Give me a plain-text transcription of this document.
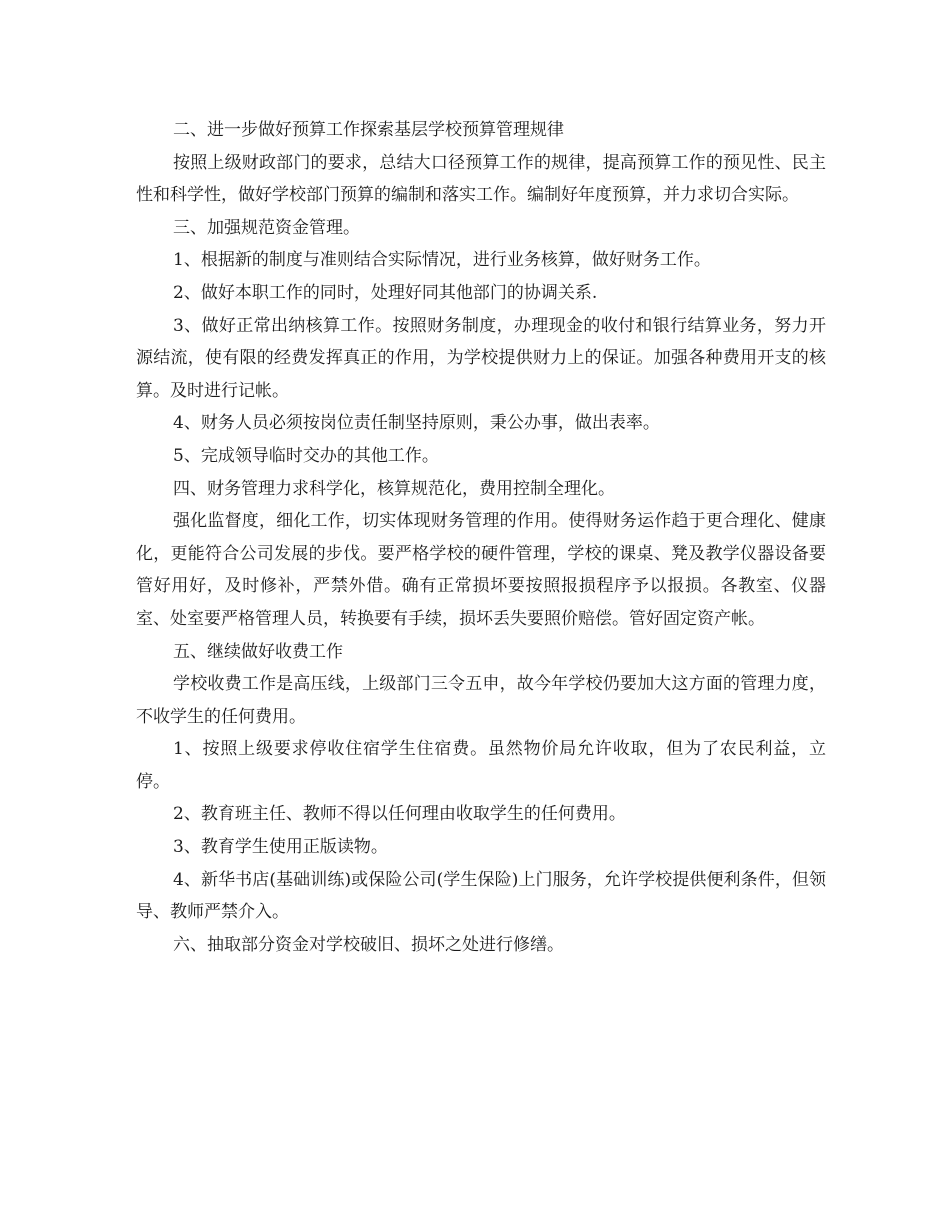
二、进一步做好预算工作探索基层学校预算管理规律

按照上级财政部门的要求，总结大口径预算工作的规律，提高预算工作的预见性、民主性和科学性，做好学校部门预算的编制和落实工作。编制好年度预算，并力求切合实际。

三、加强规范资金管理。

1、根据新的制度与准则结合实际情况，进行业务核算，做好财务工作。

2、做好本职工作的同时，处理好同其他部门的协调关系.

3、做好正常出纳核算工作。按照财务制度，办理现金的收付和银行结算业务，努力开源结流，使有限的经费发挥真正的作用，为学校提供财力上的保证。加强各种费用开支的核算。及时进行记帐。

4、财务人员必须按岗位责任制坚持原则，秉公办事，做出表率。

5、完成领导临时交办的其他工作。

四、财务管理力求科学化，核算规范化，费用控制全理化。

强化监督度，细化工作，切实体现财务管理的作用。使得财务运作趋于更合理化、健康化，更能符合公司发展的步伐。要严格学校的硬件管理，学校的课桌、凳及教学仪器设备要管好用好，及时修补，严禁外借。确有正常损坏要按照报损程序予以报损。各教室、仪器室、处室要严格管理人员，转换要有手续，损坏丢失要照价赔偿。管好固定资产帐。

五、继续做好收费工作

学校收费工作是高压线，上级部门三令五申，故今年学校仍要加大这方面的管理力度，不收学生的任何费用。

1、按照上级要求停收住宿学生住宿费。虽然物价局允许收取，但为了农民利益，立停。

2、教育班主任、教师不得以任何理由收取学生的任何费用。

3、教育学生使用正版读物。

4、新华书店(基础训练)或保险公司(学生保险)上门服务，允许学校提供便利条件，但领导、教师严禁介入。

六、抽取部分资金对学校破旧、损坏之处进行修缮。
